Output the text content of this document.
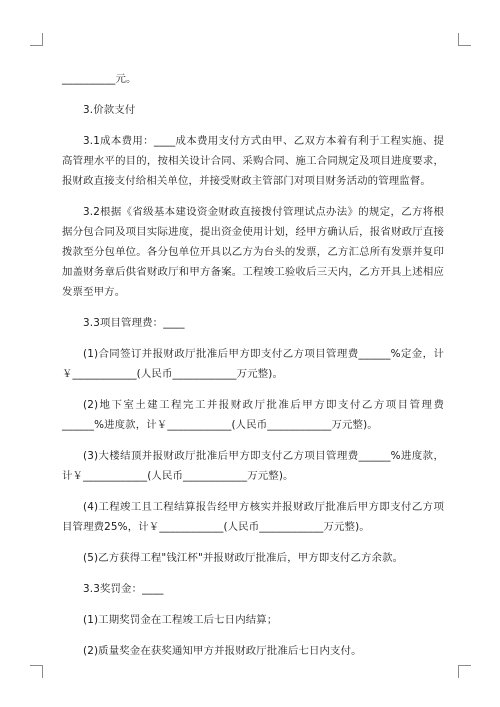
__________元。

3.价款支付

3.1成本费用：____成本费用支付方式由甲、乙双方本着有利于工程实施、提高管理水平的目的，按相关设计合同、采购合同、施工合同规定及项目进度要求，报财政直接支付给相关单位，并接受财政主管部门对项目财务活动的管理监督。

3.2根据《省级基本建设资金财政直接拨付管理试点办法》的规定，乙方将根据分包合同及项目实际进度，提出资金使用计划，经甲方确认后，报省财政厅直接拨款至分包单位。各分包单位开具以乙方为台头的发票，乙方汇总所有发票并复印加盖财务章后供省财政厅和甲方备案。工程竣工验收后三天内，乙方开具上述相应发票至甲方。

3.3项目管理费：____

(1)合同签订并报财政厅批准后甲方即支付乙方项目管理费______%定金，计￥____________(人民币____________万元整)。

(2)地下室土建工程完工并报财政厅批准后甲方即支付乙方项目管理费______%进度款，计￥____________(人民币____________万元整)。

(3)大楼结顶并报财政厅批准后甲方即支付乙方项目管理费______%进度款，计￥____________(人民币____________万元整)。

(4)工程竣工且工程结算报告经甲方核实并报财政厅批准后甲方即支付乙方项目管理费25%，计￥____________(人民币____________万元整)。

(5)乙方获得工程"钱江杯"并报财政厅批准后，甲方即支付乙方余款。

3.3奖罚金：____

(1)工期奖罚金在工程竣工后七日内结算；

(2)质量奖金在获奖通知甲方并报财政厅批准后七日内支付。
